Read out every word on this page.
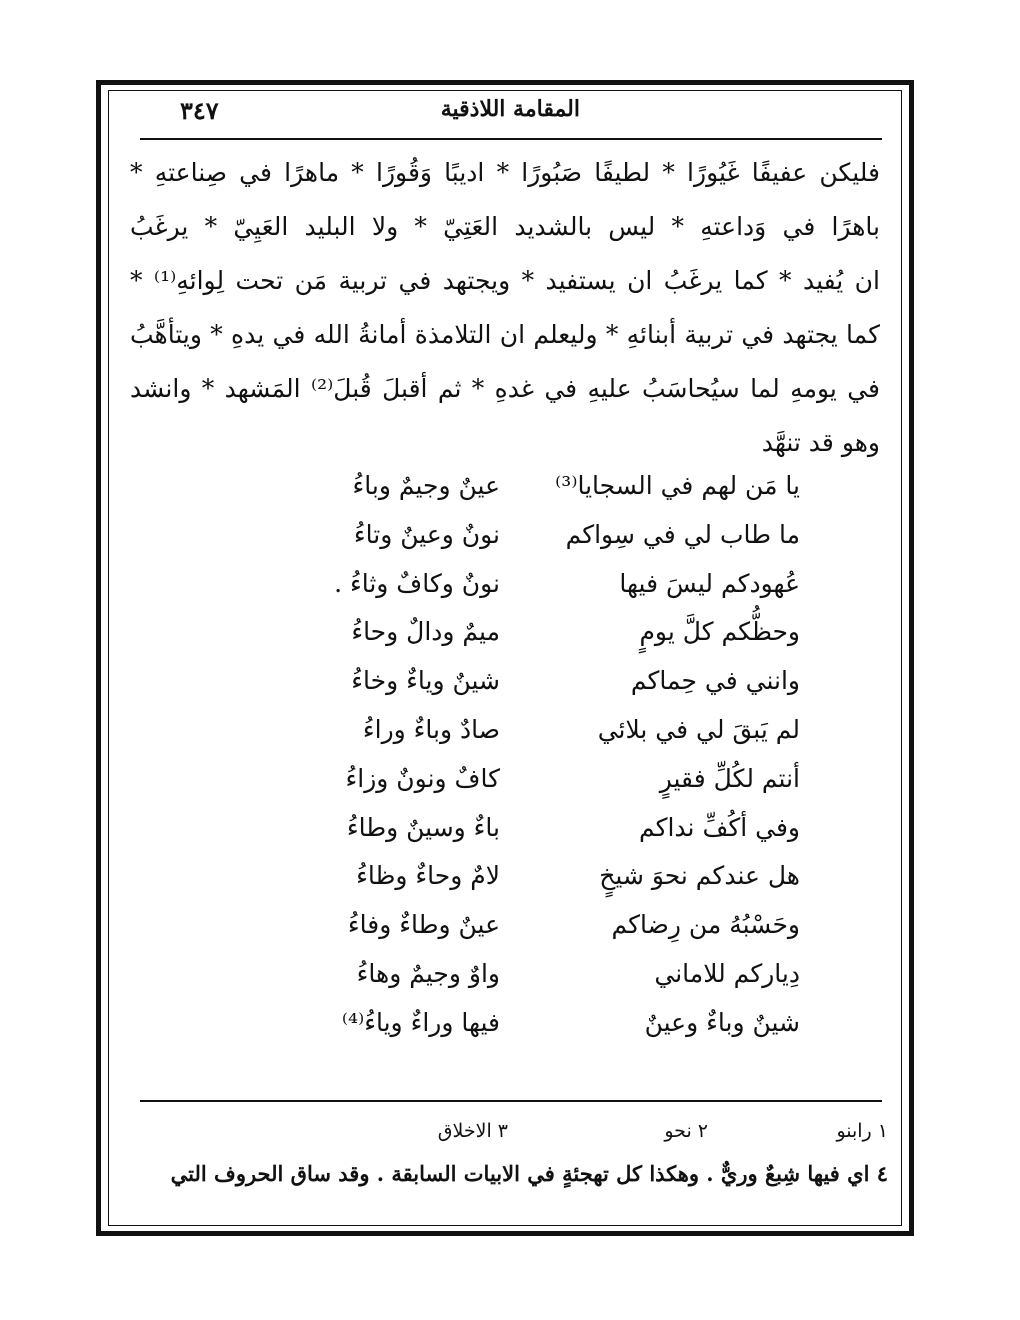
المقامة اللاذقية
٣٤٧
فليكن عفيفًا غَيُورًا * لطيفًا صَبُورًا * اديبًا وَقُورًا * ماهرًا في صِناعتهِ *
باهرًا في وَداعتهِ * ليس بالشديد العَتِيّ * ولا البليد العَيِيّ * يرغَبُ
ان يُفيد * كما يرغَبُ ان يستفيد * ويجتهد في تربية مَن تحت لِوائهِ⁽¹⁾ *
كما يجتهد في تربية أبنائهِ * وليعلم ان التلامذة أمانةُ الله في يدهِ * ويتأهَّبُ
في يومهِ لما سيُحاسَبُ عليهِ في غدهِ * ثم أقبلَ قُبلَ⁽²⁾ المَشهد * وانشد
وهو قد تنهَّد
يا مَن لهم في السجايا⁽³⁾
عينٌ وجيمٌ وباءُ
ما طاب لي في سِواكم
نونٌ وعينٌ وتاءُ
عُهودكم ليسَ فيها
نونٌ وكافٌ وثاءُ .
وحظُّكم كلَّ يومٍ
ميمٌ ودالٌ وحاءُ
وانني في حِماكم
شينٌ وياءٌ وخاءُ
لم يَبقَ لي في بلائي
صادٌ وباءٌ وراءُ
أنتم لكُلِّ فقيرٍ
كافٌ ونونٌ وزاءُ
وفي أكُفِّ نداكم
باءٌ وسينٌ وطاءُ
هل عندكم نحوَ شيخٍ
لامٌ وحاءٌ وظاءُ
وحَسْبُهُ من رِضاكم
عينٌ وطاءٌ وفاءُ
دِياركم للاماني
واوٌ وجيمٌ وهاءُ
شينٌ وباءٌ وعينٌ
فيها وراءٌ وياءُ⁽⁴⁾
١ رابنو
٢ نحو
٣ الاخلاق
٤ اي فيها شِبعٌ وريٌّ . وهكذا كل تهجئةٍ في الابيات السابقة . وقد ساق الحروف التي
